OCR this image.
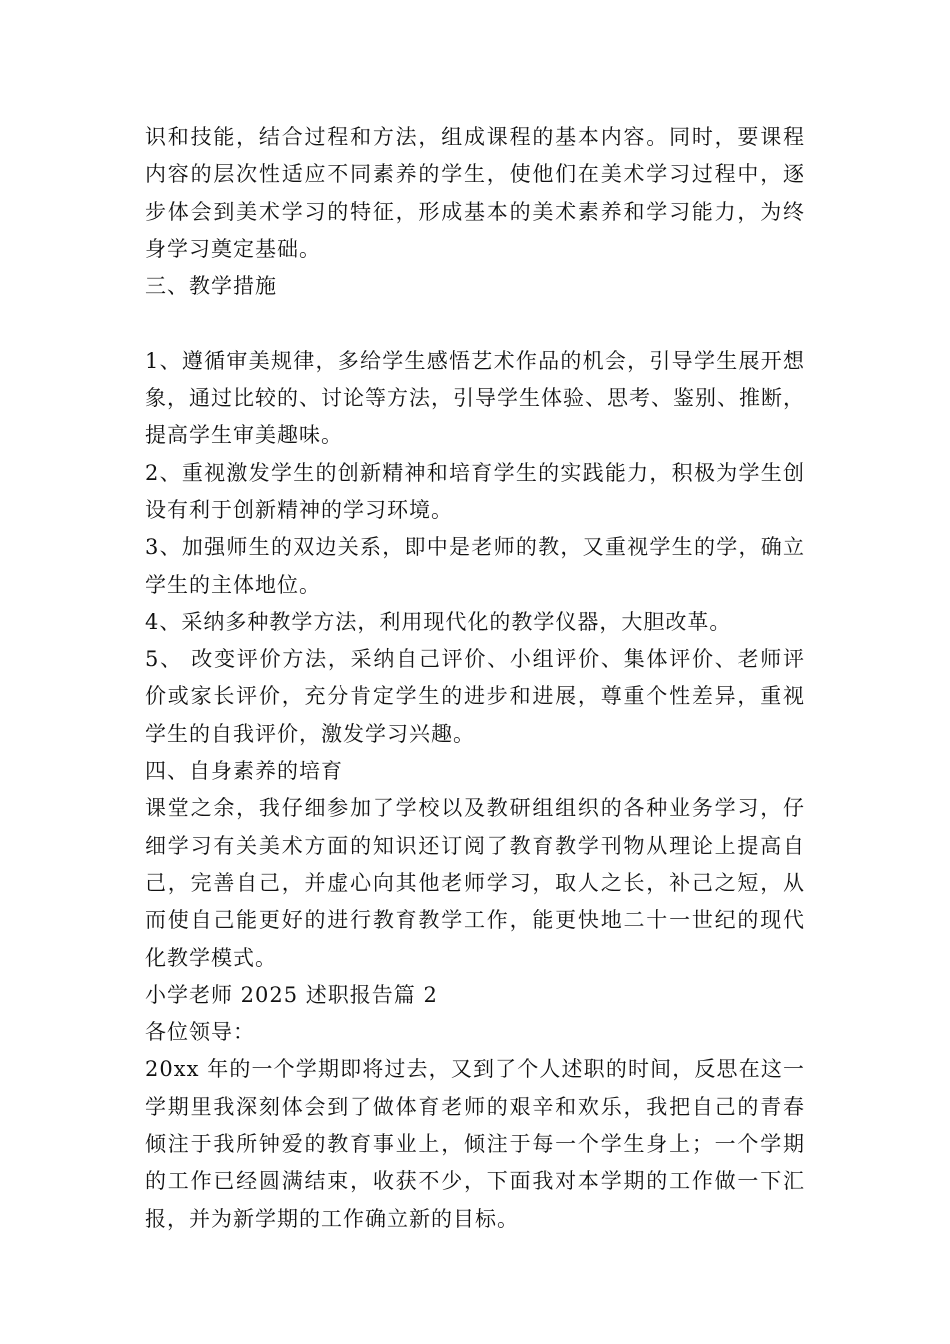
识和技能，结合过程和方法，组成课程的基本内容。同时，要课程
内容的层次性适应不同素养的学生，使他们在美术学习过程中，逐
步体会到美术学习的特征，形成基本的美术素养和学习能力，为终
身学习奠定基础。
三、教学措施
1、遵循审美规律，多给学生感悟艺术作品的机会，引导学生展开想
象，通过比较的、讨论等方法，引导学生体验、思考、鉴别、推断，
提高学生审美趣味。
2、重视激发学生的创新精神和培育学生的实践能力，积极为学生创
设有利于创新精神的学习环境。
3、加强师生的双边关系，即中是老师的教，又重视学生的学，确立
学生的主体地位。
4、采纳多种教学方法，利用现代化的教学仪器，大胆改革。
5、 改变评价方法，采纳自己评价、小组评价、集体评价、老师评
价或家长评价，充分肯定学生的进步和进展，尊重个性差异，重视
学生的自我评价，激发学习兴趣。
四、自身素养的培育
课堂之余，我仔细参加了学校以及教研组组织的各种业务学习，仔
细学习有关美术方面的知识还订阅了教育教学刊物从理论上提高自
己，完善自己，并虚心向其他老师学习，取人之长，补己之短，从
而使自己能更好的进行教育教学工作，能更快地二十一世纪的现代
化教学模式。
小学老师 2025 述职报告篇 2
各位领导：
20xx 年的一个学期即将过去，又到了个人述职的时间，反思在这一
学期里我深刻体会到了做体育老师的艰辛和欢乐，我把自己的青春
倾注于我所钟爱的教育事业上，倾注于每一个学生身上；一个学期
的工作已经圆满结束，收获不少，下面我对本学期的工作做一下汇
报，并为新学期的工作确立新的目标。
